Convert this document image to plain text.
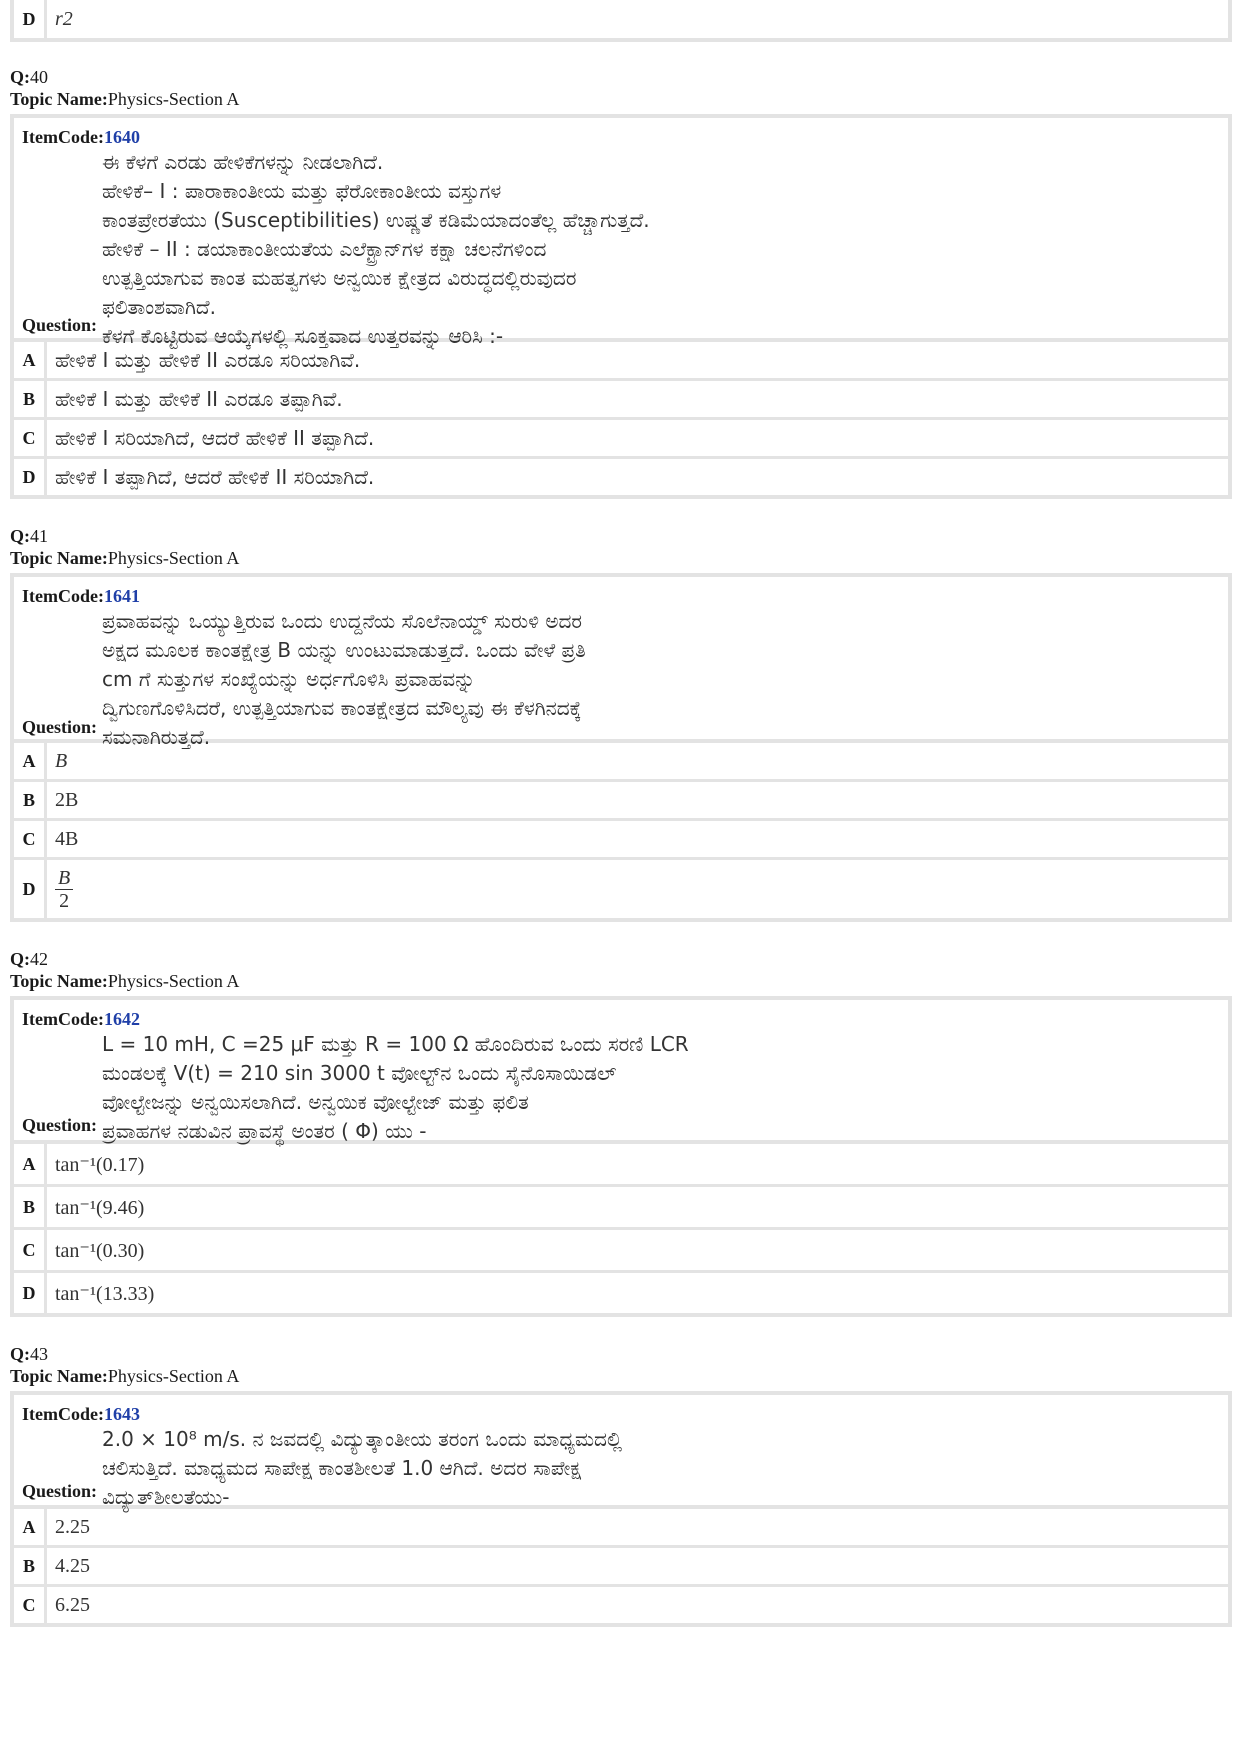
D r2
Q:40
Topic Name:Physics-Section A
ItemCode:1640
ಈ ಕೆಳಗೆ ಎರಡು ಹೇಳಿಕೆಗಳನ್ನು ನೀಡಲಾಗಿದೆ.
ಹೇಳಿಕೆ– I : ಪಾರಾಕಾಂತೀಯ ಮತ್ತು ಫೆರೋಕಾಂತೀಯ ವಸ್ತುಗಳ
ಕಾಂತಪ್ರೇರತೆಯು (Susceptibilities) ಉಷ್ಣತೆ ಕಡಿಮೆಯಾದಂತೆಲ್ಲ ಹೆಚ್ಚಾಗುತ್ತದೆ.
ಹೇಳಿಕೆ – II : ಡಯಾಕಾಂತೀಯತೆಯ ಎಲೆಕ್ಟ್ರಾನ್‌ಗಳ ಕಕ್ಷಾ ಚಲನೆಗಳಿಂದ
ಉತ್ಪತ್ತಿಯಾಗುವ ಕಾಂತ ಮಹತ್ವಗಳು ಅನ್ವಯಿಕ ಕ್ಷೇತ್ರದ ವಿರುದ್ಧದಲ್ಲಿರುವುದರ
ಫಲಿತಾಂಶವಾಗಿದೆ.
ಕೆಳಗೆ ಕೊಟ್ಟಿರುವ ಆಯ್ಕೆಗಳಲ್ಲಿ ಸೂಕ್ತವಾದ ಉತ್ತರವನ್ನು ಆರಿಸಿ :-
Question:
A ಹೇಳಿಕೆ I ಮತ್ತು ಹೇಳಿಕೆ II ಎರಡೂ ಸರಿಯಾಗಿವೆ.
B	ಹೇಳಿಕೆ I ಮತ್ತು ಹೇಳಿಕೆ II ಎರಡೂ ತಪ್ಪಾಗಿವೆ.
C ಹೇಳಿಕೆ I ಸರಿಯಾಗಿದೆ, ಆದರೆ ಹೇಳಿಕೆ II ತಪ್ಪಾಗಿದೆ.
D ಹೇಳಿಕೆ I ತಪ್ಪಾಗಿದೆ, ಆದರೆ ಹೇಳಿಕೆ II ಸರಿಯಾಗಿದೆ.
Q:41
Topic Name:Physics-Section A
ItemCode:1641
ಪ್ರವಾಹವನ್ನು ಒಯ್ಯುತ್ತಿರುವ ಒಂದು ಉದ್ದನೆಯ ಸೊಲೆನಾಯ್ಡ್ ಸುರುಳಿ ಅದರ
ಅಕ್ಷದ ಮೂಲಕ ಕಾಂತಕ್ಷೇತ್ರ B ಯನ್ನು ಉಂಟುಮಾಡುತ್ತದೆ. ಒಂದು ವೇಳೆ ಪ್ರತಿ
cm ಗೆ ಸುತ್ತುಗಳ ಸಂಖ್ಯೆಯನ್ನು ಅರ್ಧಗೊಳಿಸಿ ಪ್ರವಾಹವನ್ನು
ದ್ವಿಗುಣಗೊಳಿಸಿದರೆ, ಉತ್ಪತ್ತಿಯಾಗುವ ಕಾಂತಕ್ಷೇತ್ರದ ಮೌಲ್ಯವು ಈ ಕೆಳಗಿನದಕ್ಕೆ
ಸಮನಾಗಿರುತ್ತದೆ.
Question:
A B
B	2B
C 4B
D $\frac{B}{2}$
Q:42
Topic Name:Physics-Section A
ItemCode:1642
L = 10 mH, C =25 μF ಮತ್ತು R = 100 Ω ಹೊಂದಿರುವ ಒಂದು ಸರಣಿ LCR
ಮಂಡಲಕ್ಕೆ V(t) = 210 sin 3000 t ವೋಲ್ಟ್‌ನ ಒಂದು ಸೈನೊಸಾಯಿಡಲ್
ವೋಲ್ಟೇಜನ್ನು ಅನ್ವಯಿಸಲಾಗಿದೆ. ಅನ್ವಯಿಕ ವೋಲ್ಟೇಜ್ ಮತ್ತು ಫಲಿತ
ಪ್ರವಾಹಗಳ ನಡುವಿನ ಪ್ರಾವಸ್ಥೆ ಅಂತರ ( Φ) ಯು -
Question:
A tan⁻¹(0.17)
B	tan⁻¹(9.46)
C tan⁻¹(0.30)
D tan⁻¹(13.33)
Q:43
Topic Name:Physics-Section A
ItemCode:1643
2.0 × 10⁸ m/s. ನ ಜವದಲ್ಲಿ ವಿದ್ಯುತ್ಕಾಂತೀಯ ತರಂಗ ಒಂದು ಮಾಧ್ಯಮದಲ್ಲಿ
ಚಲಿಸುತ್ತಿದೆ. ಮಾಧ್ಯಮದ ಸಾಪೇಕ್ಷ ಕಾಂತಶೀಲತೆ 1.0 ಆಗಿದೆ. ಅದರ ಸಾಪೇಕ್ಷ
ವಿದ್ಯುತ್‌ಶೀಲತೆಯು-
Question:
A 2.25
B	4.25
C 6.25
